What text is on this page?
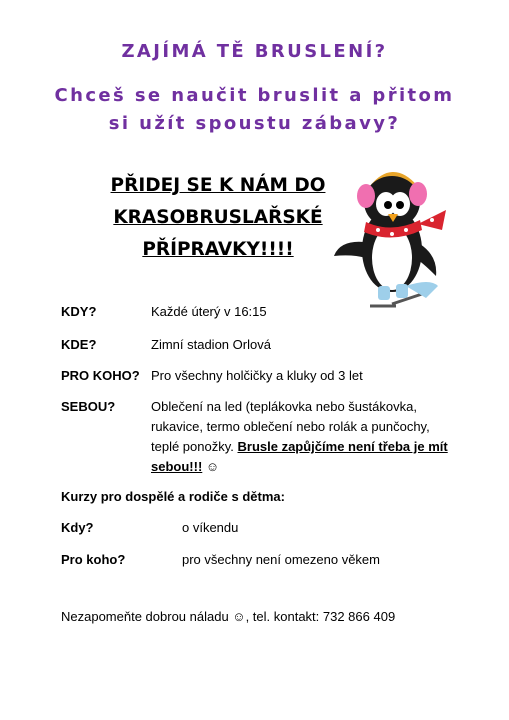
ZAJÍMÁ TĚ BRUSLENÍ?
Chceš se naučit bruslit a přitom
si užít spoustu zábavy?
PŘIDEJ SE K NÁM DO
KRASOBRUSLAŘSKÉ
PŘÍPRAVKY!!!!
KDY?	Každé úterý v 16:15
KDE?	Zimní stadion Orlová
PRO KOHO? Pro všechny holčičky a kluky od 3 let
SEBOU?	Oblečení na led (teplákovka nebo šustákovka, rukavice, termo oblečení nebo rolák a punčochy, teplé ponožky. Brusle zapůjčíme není třeba je mít sebou!!! ☺
Kurzy pro dospělé a rodiče s dětma:
Kdy?	o víkendu
Pro koho?	pro všechny není omezeno věkem
Nezapomeňte dobrou náladu ☺, tel. kontakt: 732 866 409
